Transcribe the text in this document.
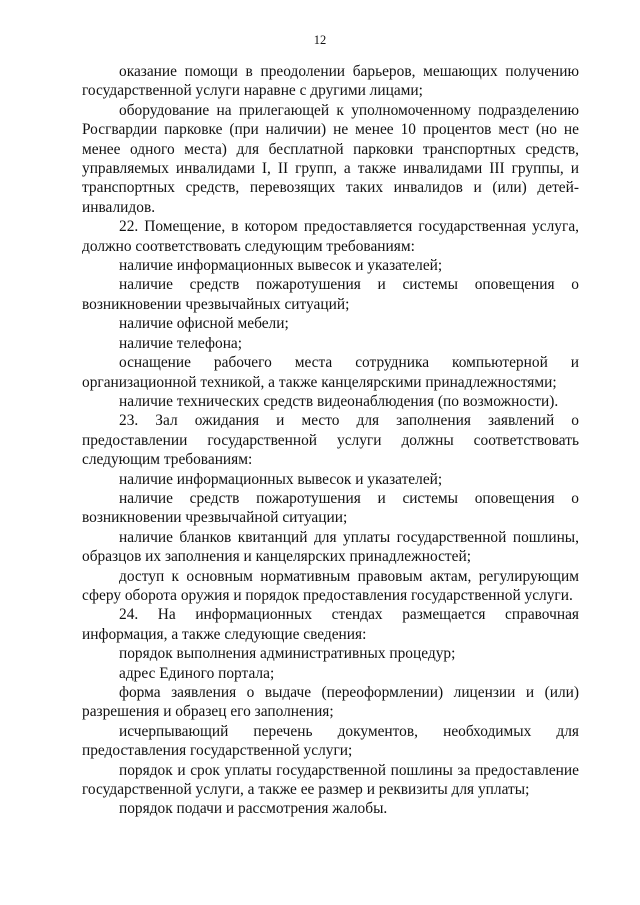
12

оказание помощи в преодолении барьеров, мешающих получению государственной услуги наравне с другими лицами;

оборудование на прилегающей к уполномоченному подразделению Росгвардии парковке (при наличии) не менее 10 процентов мест (но не менее одного места) для бесплатной парковки транспортных средств, управляемых инвалидами I, II групп, а также инвалидами III группы, и транспортных средств, перевозящих таких инвалидов и (или) детей-инвалидов.

22. Помещение, в котором предоставляется государственная услуга, должно соответствовать следующим требованиям:

наличие информационных вывесок и указателей;

наличие средств пожаротушения и системы оповещения о возникновении чрезвычайных ситуаций;

наличие офисной мебели;

наличие телефона;

оснащение рабочего места сотрудника компьютерной и организационной техникой, а также канцелярскими принадлежностями;

наличие технических средств видеонаблюдения (по возможности).

23. Зал ожидания и место для заполнения заявлений о предоставлении государственной услуги должны соответствовать следующим требованиям:

наличие информационных вывесок и указателей;

наличие средств пожаротушения и системы оповещения о возникновении чрезвычайной ситуации;

наличие бланков квитанций для уплаты государственной пошлины, образцов их заполнения и канцелярских принадлежностей;

доступ к основным нормативным правовым актам, регулирующим сферу оборота оружия и порядок предоставления государственной услуги.

24. На информационных стендах размещается справочная информация, а также следующие сведения:

порядок выполнения административных процедур;

адрес Единого портала;

форма заявления о выдаче (переоформлении) лицензии и (или) разрешения и образец его заполнения;

исчерпывающий перечень документов, необходимых для предоставления государственной услуги;

порядок и срок уплаты государственной пошлины за предоставление государственной услуги, а также ее размер и реквизиты для уплаты;

порядок подачи и рассмотрения жалобы.
